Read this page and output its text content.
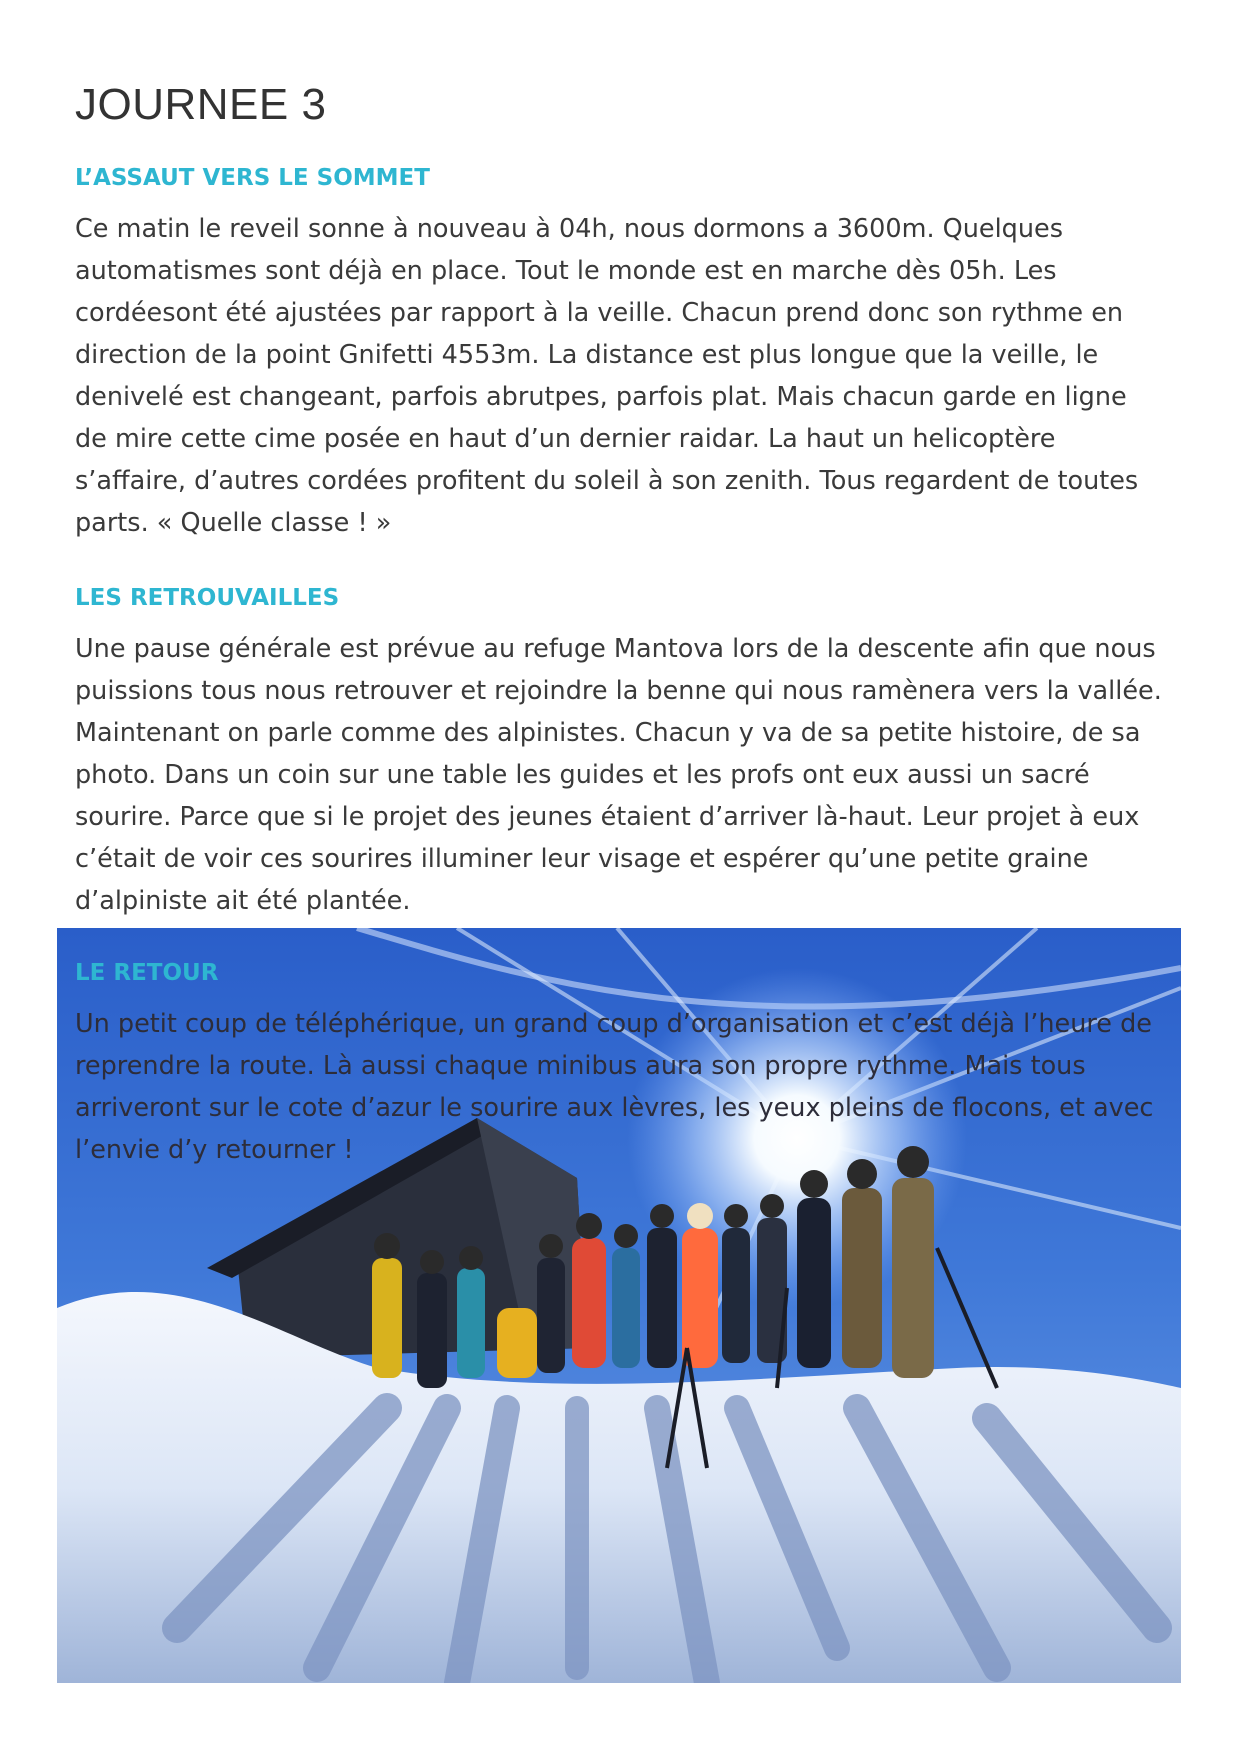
JOURNEE 3
L’ASSAUT VERS LE SOMMET

Ce matin le reveil sonne à nouveau à 04h, nous dormons a 3600m. Quelques automatismes sont déjà en place. Tout le monde est en marche dès 05h. Les cordéesont été ajustées par rapport à la veille. Chacun prend donc son rythme en direction de la point Gnifetti 4553m. La distance est plus longue que la veille, le denivelé est changeant, parfois abrutpes, parfois plat. Mais chacun garde en ligne de mire cette cime posée en haut d’un dernier raidar. La haut un helicoptère s’affaire, d’autres cordées profitent du soleil à son zenith. Tous regardent de toutes parts. « Quelle classe ! »

LES RETROUVAILLES

Une pause générale est prévue au refuge Mantova lors de la descente afin que nous puissions tous nous retrouver et rejoindre la benne qui nous ramènera vers la vallée. Maintenant on parle comme des alpinistes. Chacun y va de sa petite histoire, de sa photo. Dans un coin sur une table les guides et les profs ont eux aussi un sacré sourire. Parce que si le projet des jeunes étaient d’arriver là-haut. Leur projet à eux c’était de voir ces sourires illuminer leur visage et espérer qu’une petite graine d’alpiniste ait été plantée.

LE RETOUR

Un petit coup de téléphérique, un grand coup d’organisation et c’est déjà l’heure de reprendre la route. Là aussi chaque minibus aura son propre rythme. Mais tous arriveront sur le cote d’azur le sourire aux lèvres, les yeux pleins de flocons, et avec l’envie d’y retourner !
